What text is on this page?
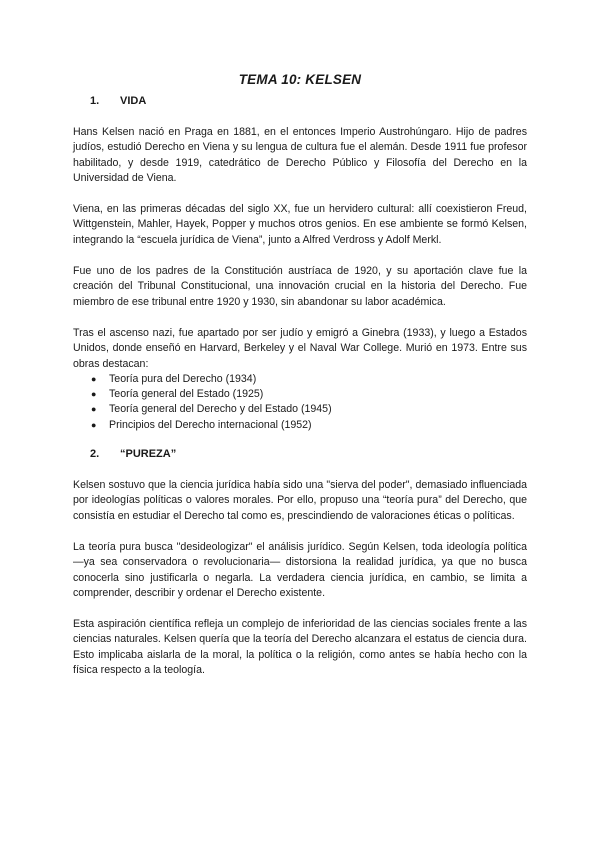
TEMA 10: KELSEN
1.	VIDA

Hans Kelsen nació en Praga en 1881, en el entonces Imperio Austrohúngaro. Hijo de padres judíos, estudió Derecho en Viena y su lengua de cultura fue el alemán. Desde 1911 fue profesor habilitado, y desde 1919, catedrático de Derecho Público y Filosofía del Derecho en la Universidad de Viena.

Viena, en las primeras décadas del siglo XX, fue un hervidero cultural: allí coexistieron Freud, Wittgenstein, Mahler, Hayek, Popper y muchos otros genios. En ese ambiente se formó Kelsen, integrando la “escuela jurídica de Viena”, junto a Alfred Verdross y Adolf Merkl.

Fue uno de los padres de la Constitución austríaca de 1920, y su aportación clave fue la creación del Tribunal Constitucional, una innovación crucial en la historia del Derecho. Fue miembro de ese tribunal entre 1920 y 1930, sin abandonar su labor académica.

Tras el ascenso nazi, fue apartado por ser judío y emigró a Ginebra (1933), y luego a Estados Unidos, donde enseñó en Harvard, Berkeley y el Naval War College. Murió en 1973. Entre sus obras destacan:

●	Teoría pura del Derecho (1934)
●	Teoría general del Estado (1925)
●	Teoría general del Derecho y del Estado (1945)
●	Principios del Derecho internacional (1952)
2.	“PUREZA”

Kelsen sostuvo que la ciencia jurídica había sido una "sierva del poder", demasiado influenciada por ideologías políticas o valores morales. Por ello, propuso una “teoría pura” del Derecho, que consistía en estudiar el Derecho tal como es, prescindiendo de valoraciones éticas o políticas.

La teoría pura busca "desideologizar" el análisis jurídico. Según Kelsen, toda ideología política —ya sea conservadora o revolucionaria— distorsiona la realidad jurídica, ya que no busca conocerla sino justificarla o negarla. La verdadera ciencia jurídica, en cambio, se limita a comprender, describir y ordenar el Derecho existente.

Esta aspiración científica refleja un complejo de inferioridad de las ciencias sociales frente a las ciencias naturales. Kelsen quería que la teoría del Derecho alcanzara el estatus de ciencia dura. Esto implicaba aislarla de la moral, la política o la religión, como antes se había hecho con la física respecto a la teología.
